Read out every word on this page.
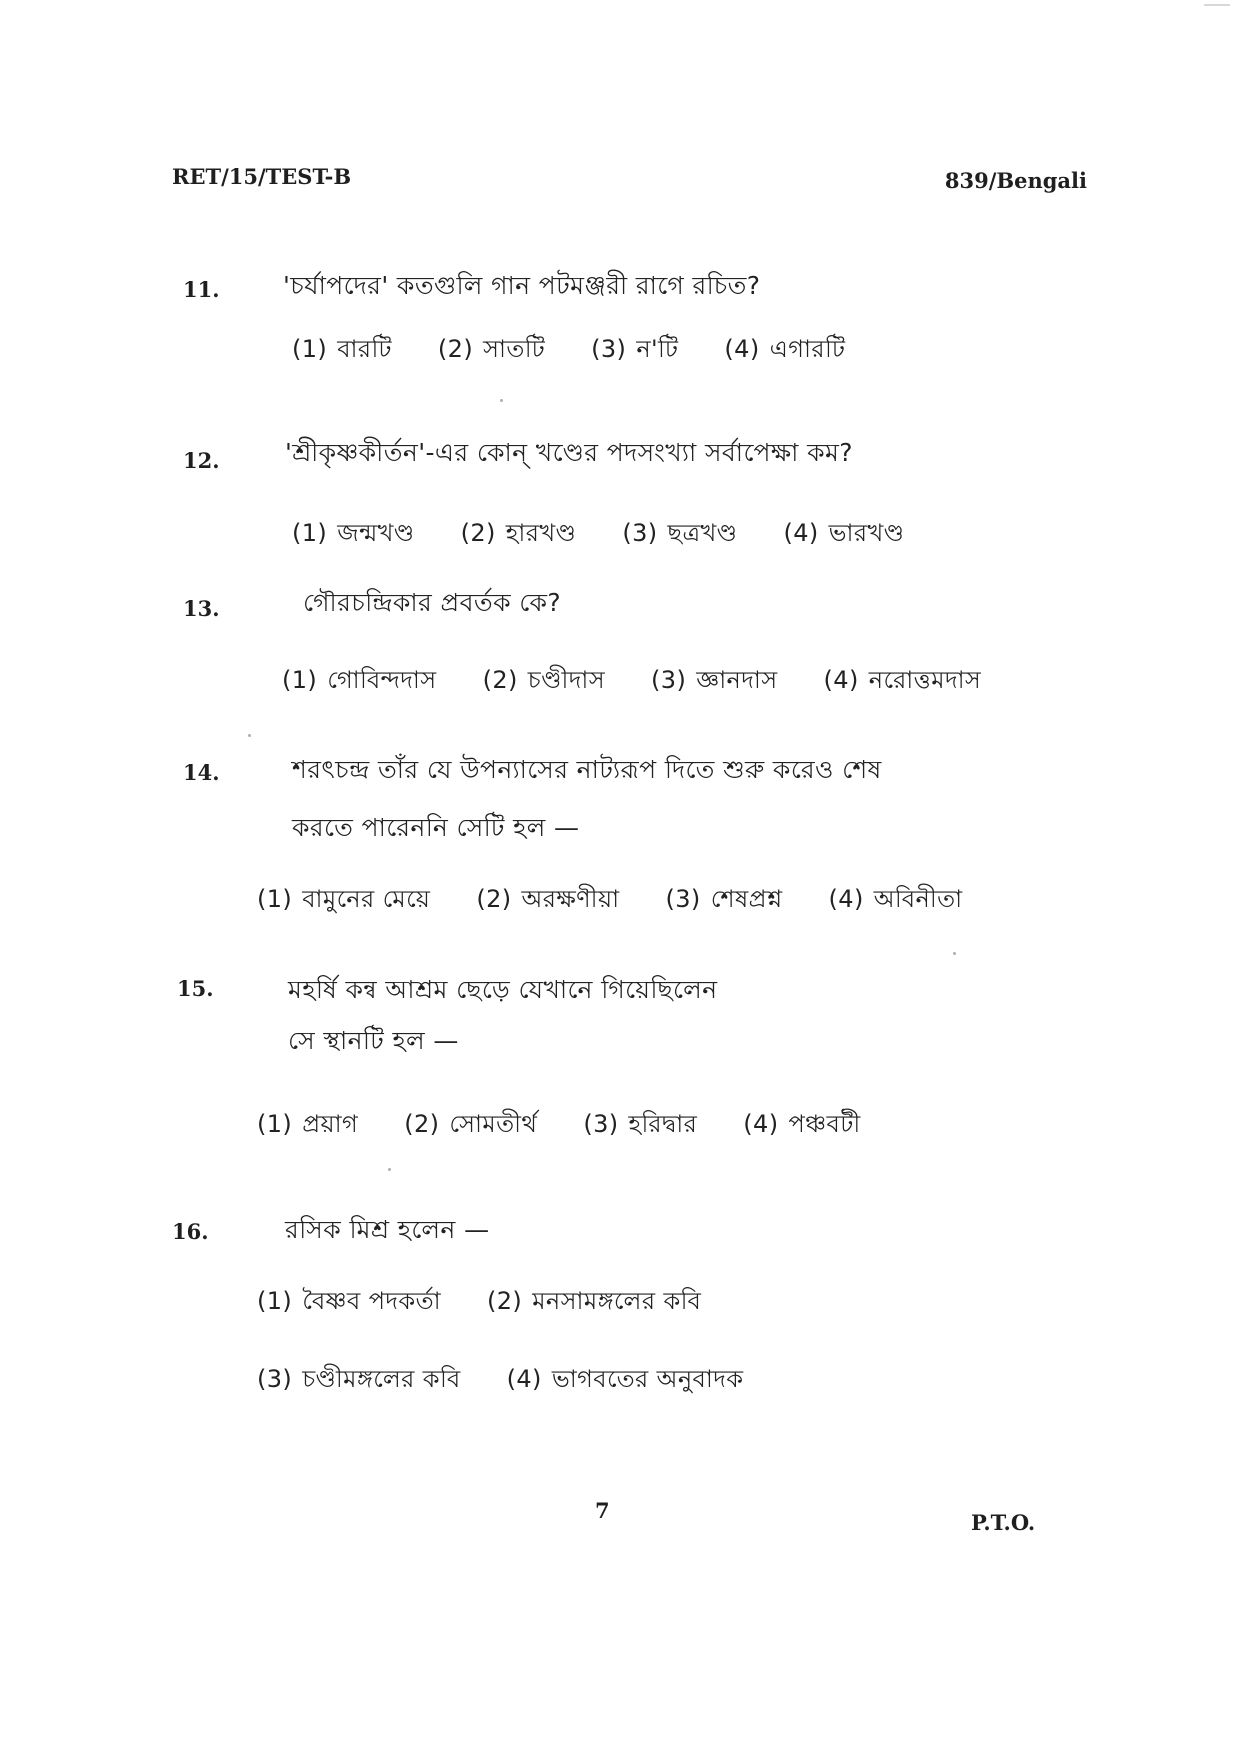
RET/15/TEST-B	839/Bengali
11.	'চর্যাপদের' কতগুলি গান পটমঞ্জরী রাগে রচিত?
(1) বারটি (2) সাতটি (3) ন'টি (4) এগারটি
12.	'শ্রীকৃষ্ণকীর্তন'-এর কোন্ খণ্ডের পদসংখ্যা সর্বাপেক্ষা কম?
(1) জন্মখণ্ড (2) হারখণ্ড (3) ছত্রখণ্ড (4) ভারখণ্ড
13.	গৌরচন্দ্রিকার প্রবর্তক কে?
(1) গোবিন্দদাস (2) চণ্ডীদাস (3) জ্ঞানদাস (4) নরোত্তমদাস
14.	শরৎচন্দ্র তাঁর যে উপন্যাসের নাট্যরূপ দিতে শুরু করেও শেষ
করতে পারেননি সেটি হল —
(1) বামুনের মেয়ে (2) অরক্ষণীয়া (3) শেষপ্রশ্ন (4) অবিনীতা
15.	মহর্ষি কন্ব আশ্রম ছেড়ে যেখানে গিয়েছিলেন
সে স্থানটি হল —
(1) প্রয়াগ (2) সোমতীর্থ (3) হরিদ্বার (4) পঞ্চবটী
16.	রসিক মিশ্র হলেন —
(1) বৈষ্ণব পদকর্তা (2) মনসামঙ্গলের কবি
(3) চণ্ডীমঙ্গলের কবি (4) ভাগবতের অনুবাদক
7	P.T.O.
